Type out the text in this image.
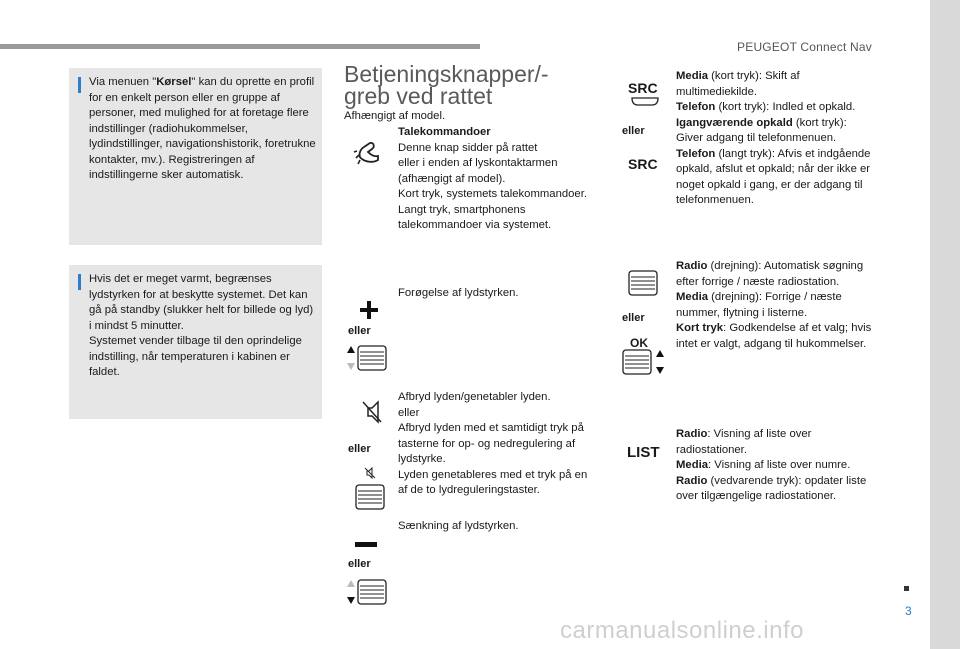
PEUGEOT Connect Nav
Via menuen "Kørsel" kan du oprette en profil for en enkelt person eller en gruppe af personer, med mulighed for at foretage flere indstillinger (radiohukommelser, lydindstillinger, navigationshistorik, foretrukne kontakter, mv.). Registreringen af indstillingerne sker automatisk.
Hvis det er meget varmt, begrænses lydstyrken for at beskytte systemet. Det kan gå på standby (slukker helt for billede og lyd) i mindst 5 minutter.
Systemet vender tilbage til den oprindelige indstilling, når temperaturen i kabinen er faldet.
Betjeningsknapper/-greb ved rattet
Afhængigt af model.
Talekommandoer
Denne knap sidder på rattet
eller i enden af lyskontaktarmen (afhængigt af model).
Kort tryk, systemets talekommandoer.
Langt tryk, smartphonens talekommandoer via systemet.
eller
Forøgelse af lydstyrken.
eller
Afbryd lyden/genetabler lyden.
eller
Afbryd lyden med et samtidigt tryk på tasterne for op- og nedregulering af lydstyrke.
Lyden genetableres med et tryk på en af de to lydreguleringstaster.
eller
Sænkning af lydstyrken.
SRC
eller
SRC
Media (kort tryk): Skift af multimediekilde.
Telefon (kort tryk): Indled et opkald.
Igangværende opkald (kort tryk): Giver adgang til telefonmenuen.
Telefon (langt tryk): Afvis et indgående opkald, afslut et opkald; når der ikke er noget opkald i gang, er der adgang til telefonmenuen.
eller
OK
Radio (drejning): Automatisk søgning efter forrige / næste radiostation.
Media (drejning): Forrige / næste nummer, flytning i listerne.
Kort tryk: Godkendelse af et valg; hvis intet er valgt, adgang til hukommelser.
LIST
Radio: Visning af liste over radiostationer.
Media: Visning af liste over numre.
Radio (vedvarende tryk): opdater liste over tilgængelige radiostationer.
3
carmanualsonline.info
